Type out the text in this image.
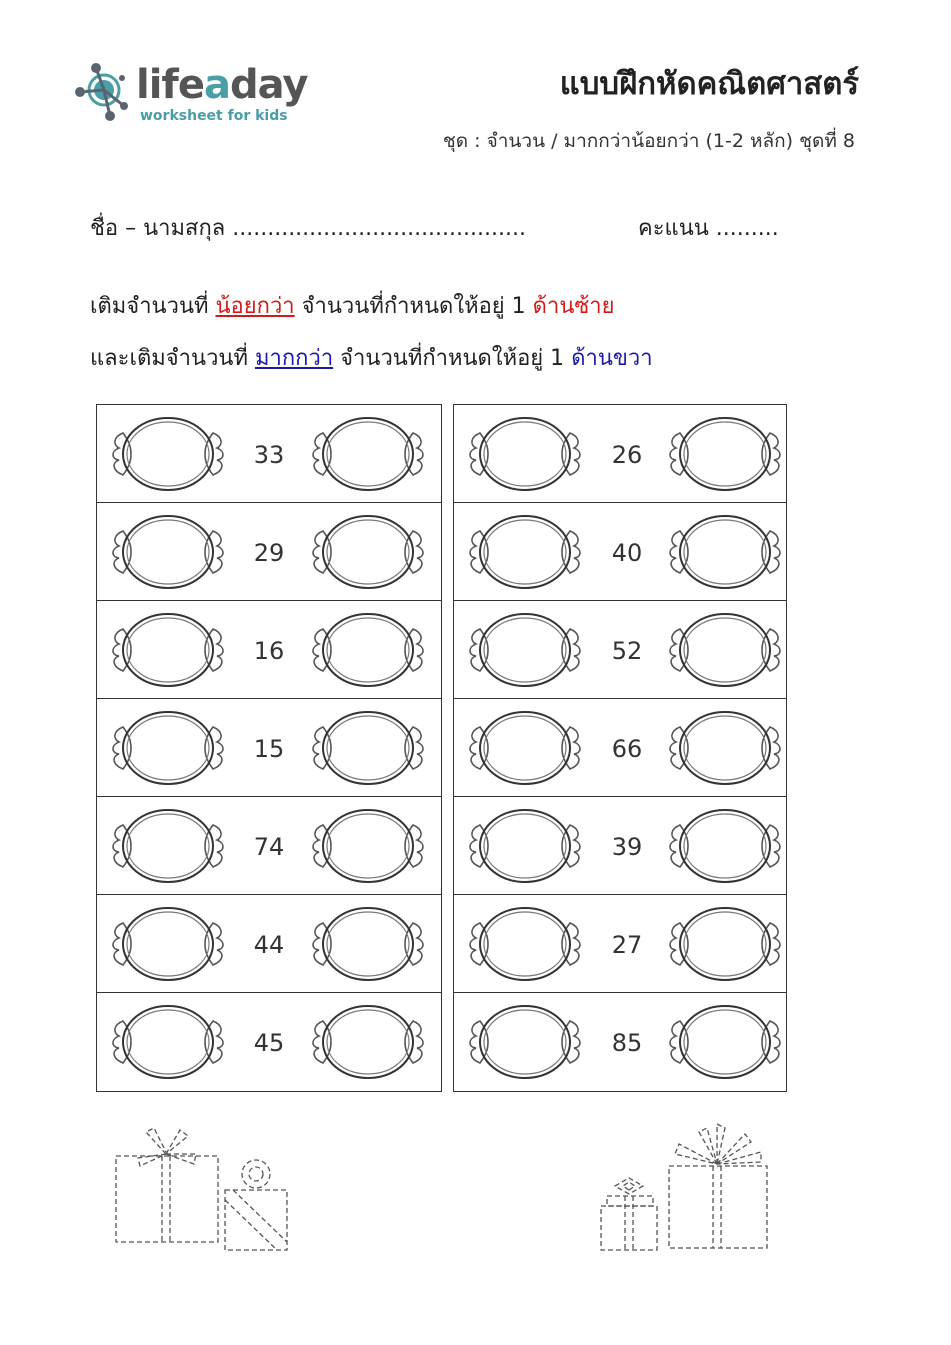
lifeaday
worksheet for kids
แบบฝึกหัดคณิตศาสตร์
ชุด : จำนวน / มากกว่าน้อยกว่า (1-2 หลัก) ชุดที่ 8
ชื่อ – นามสกุล ..........................................	คะแนน .........
เติมจำนวนที่ น้อยกว่า จำนวนที่กำหนดให้อยู่ 1 ด้านซ้าย
และเติมจำนวนที่ มากกว่า จำนวนที่กำหนดให้อยู่ 1 ด้านขวา
33
29
16
15
74
44
45
26
40
52
66
39
27
85
